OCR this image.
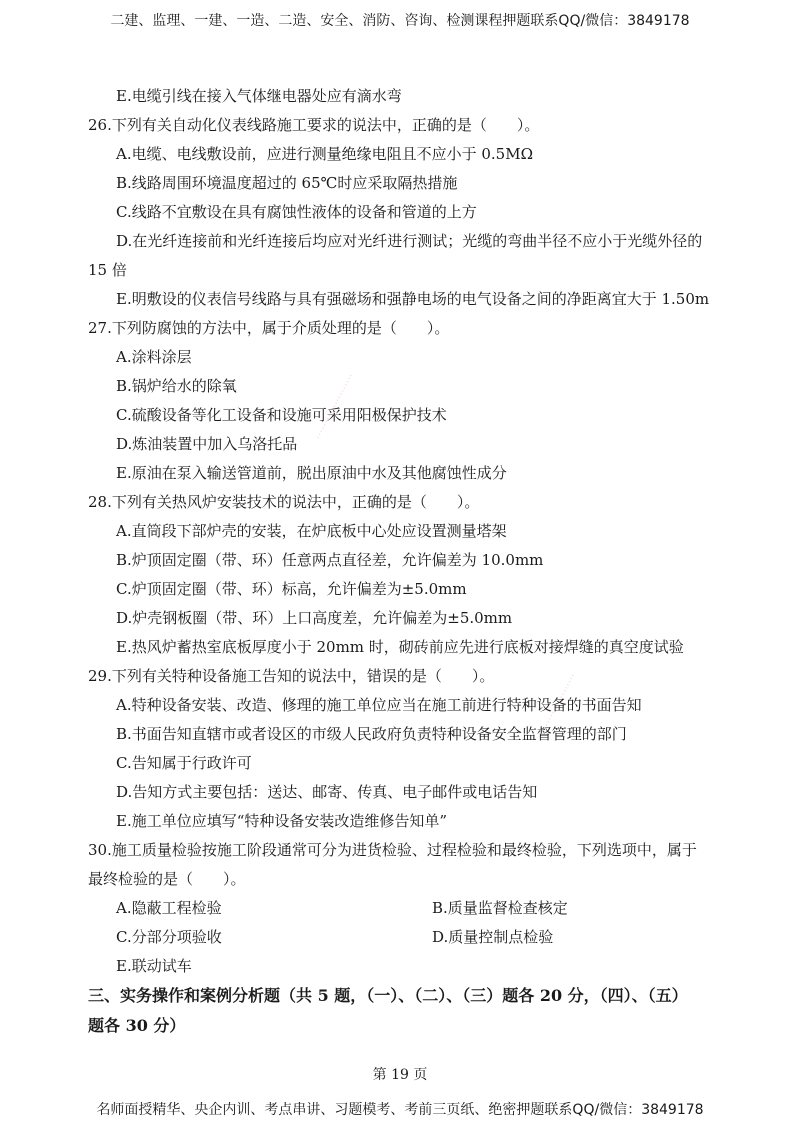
二建、监理、一建、一造、二造、安全、消防、咨询、检测课程押题联系QQ/微信：3849178
E.电缆引线在接入气体继电器处应有滴水弯
26.下列有关自动化仪表线路施工要求的说法中，正确的是（　　）。
A.电缆、电线敷设前，应进行测量绝缘电阻且不应小于 0.5MΩ
B.线路周围环境温度超过的 65℃时应采取隔热措施
C.线路不宜敷设在具有腐蚀性液体的设备和管道的上方
D.在光纤连接前和光纤连接后均应对光纤进行测试；光缆的弯曲半径不应小于光缆外径的
15 倍
E.明敷设的仪表信号线路与具有强磁场和强静电场的电气设备之间的净距离宜大于 1.50m
27.下列防腐蚀的方法中，属于介质处理的是（　　）。
A.涂料涂层
B.锅炉给水的除氧
C.硫酸设备等化工设备和设施可采用阳极保护技术
D.炼油装置中加入乌洛托品
E.原油在泵入输送管道前，脱出原油中水及其他腐蚀性成分
28.下列有关热风炉安装技术的说法中，正确的是（　　）。
A.直筒段下部炉壳的安装，在炉底板中心处应设置测量塔架
B.炉顶固定圈（带、环）任意两点直径差，允许偏差为 10.0mm
C.炉顶固定圈（带、环）标高，允许偏差为±5.0mm
D.炉壳钢板圈（带、环）上口高度差，允许偏差为±5.0mm
E.热风炉蓄热室底板厚度小于 20mm 时，砌砖前应先进行底板对接焊缝的真空度试验
29.下列有关特种设备施工告知的说法中，错误的是（　　）。
A.特种设备安装、改造、修理的施工单位应当在施工前进行特种设备的书面告知
B.书面告知直辖市或者设区的市级人民政府负责特种设备安全监督管理的部门
C.告知属于行政许可
D.告知方式主要包括：送达、邮寄、传真、电子邮件或电话告知
E.施工单位应填写“特种设备安装改造维修告知单”
30.施工质量检验按施工阶段通常可分为进货检验、过程检验和最终检验，下列选项中，属于
最终检验的是（　　）。
A.隐蔽工程检验	B.质量监督检查核定
C.分部分项验收	D.质量控制点检验
E.联动试车
三、实务操作和案例分析题（共 5 题，（一）、（二）、（三）题各 20 分，（四）、（五）
题各 30 分）
·····················
·····················
第 19 页
名师面授精华、央企内训、考点串讲、习题模考、考前三页纸、绝密押题联系QQ/微信：3849178
